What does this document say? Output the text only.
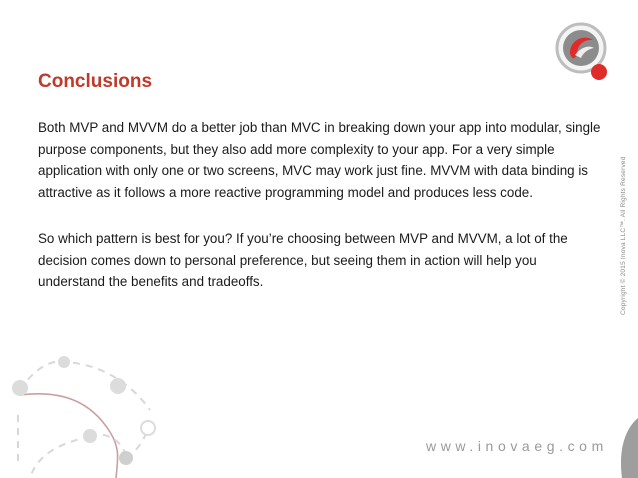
Conclusions

Both MVP and MVVM do a better job than MVC in breaking down your app into modular, single purpose components, but they also add more complexity to your app. For a very simple application with only one or two screens, MVC may work just fine. MVVM with data binding is attractive as it follows a more reactive programming model and produces less code.

So which pattern is best for you? If you’re choosing between MVP and MVVM, a lot of the decision comes down to personal preference, but seeing them in action will help you understand the benefits and tradeoffs.	Copyright © 2015 Inova LLC™. All Rights Reserved
www.inovaeg.com
